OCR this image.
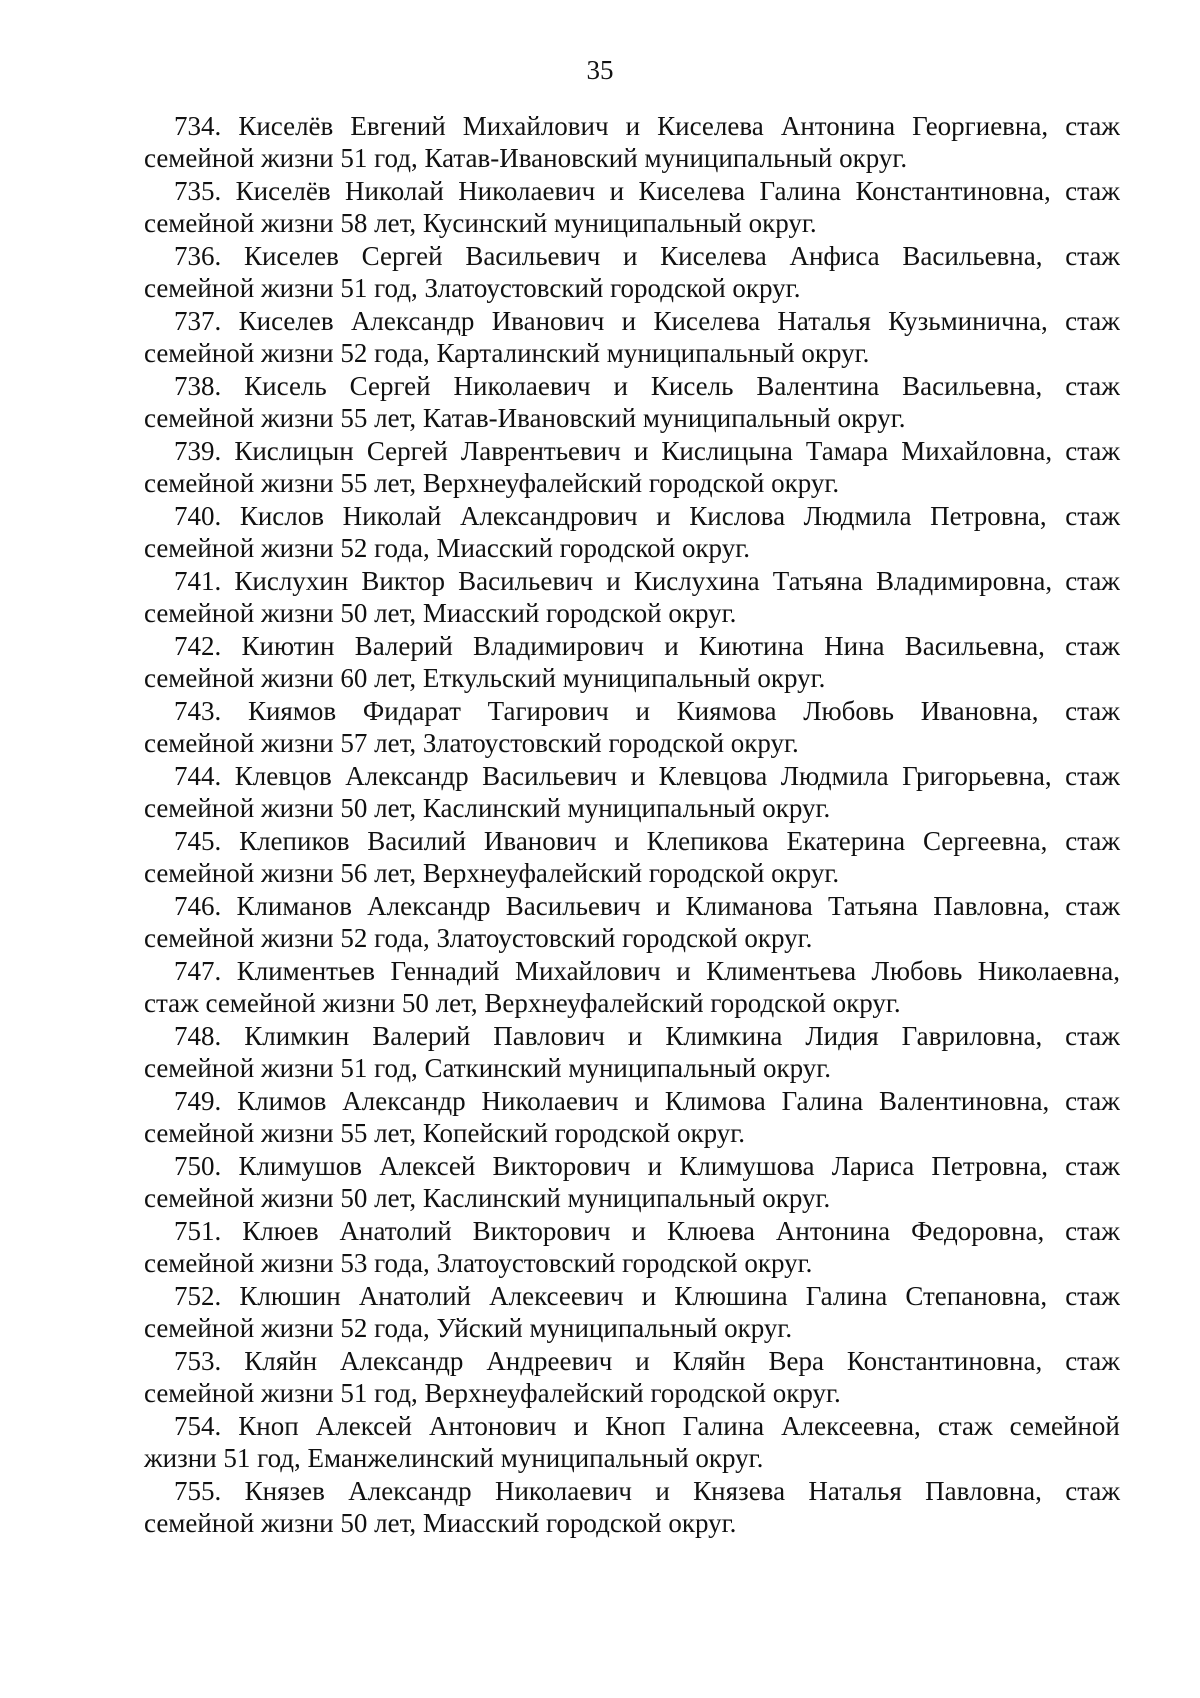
35
734. Киселёв Евгений Михайлович и Киселева Антонина Георгиевна, стаж
семейной жизни 51 год, Катав-Ивановский муниципальный округ.
735. Киселёв Николай Николаевич и Киселева Галина Константиновна, стаж
семейной жизни 58 лет, Кусинский муниципальный округ.
736. Киселев Сергей Васильевич и Киселева Анфиса Васильевна, стаж
семейной жизни 51 год, Златоустовский городской округ.
737. Киселев Александр Иванович и Киселева Наталья Кузьминична, стаж
семейной жизни 52 года, Карталинский муниципальный округ.
738. Кисель Сергей Николаевич и Кисель Валентина Васильевна, стаж
семейной жизни 55 лет, Катав-Ивановский муниципальный округ.
739. Кислицын Сергей Лаврентьевич и Кислицына Тамара Михайловна, стаж
семейной жизни 55 лет, Верхнеуфалейский городской округ.
740. Кислов Николай Александрович и Кислова Людмила Петровна, стаж
семейной жизни 52 года, Миасский городской округ.
741. Кислухин Виктор Васильевич и Кислухина Татьяна Владимировна, стаж
семейной жизни 50 лет, Миасский городской округ.
742. Киютин Валерий Владимирович и Киютина Нина Васильевна, стаж
семейной жизни 60 лет, Еткульский муниципальный округ.
743. Киямов Фидарат Тагирович и Киямова Любовь Ивановна, стаж
семейной жизни 57 лет, Златоустовский городской округ.
744. Клевцов Александр Васильевич и Клевцова Людмила Григорьевна, стаж
семейной жизни 50 лет, Каслинский муниципальный округ.
745. Клепиков Василий Иванович и Клепикова Екатерина Сергеевна, стаж
семейной жизни 56 лет, Верхнеуфалейский городской округ.
746. Климанов Александр Васильевич и Климанова Татьяна Павловна, стаж
семейной жизни 52 года, Златоустовский городской округ.
747. Климентьев Геннадий Михайлович и Климентьева Любовь Николаевна,
стаж семейной жизни 50 лет, Верхнеуфалейский городской округ.
748. Климкин Валерий Павлович и Климкина Лидия Гавриловна, стаж
семейной жизни 51 год, Саткинский муниципальный округ.
749. Климов Александр Николаевич и Климова Галина Валентиновна, стаж
семейной жизни 55 лет, Копейский городской округ.
750. Климушов Алексей Викторович и Климушова Лариса Петровна, стаж
семейной жизни 50 лет, Каслинский муниципальный округ.
751. Клюев Анатолий Викторович и Клюева Антонина Федоровна, стаж
семейной жизни 53 года, Златоустовский городской округ.
752. Клюшин Анатолий Алексеевич и Клюшина Галина Степановна, стаж
семейной жизни 52 года, Уйский муниципальный округ.
753. Кляйн Александр Андреевич и Кляйн Вера Константиновна, стаж
семейной жизни 51 год, Верхнеуфалейский городской округ.
754. Кноп Алексей Антонович и Кноп Галина Алексеевна, стаж семейной
жизни 51 год, Еманжелинский муниципальный округ.
755. Князев Александр Николаевич и Князева Наталья Павловна, стаж
семейной жизни 50 лет, Миасский городской округ.
